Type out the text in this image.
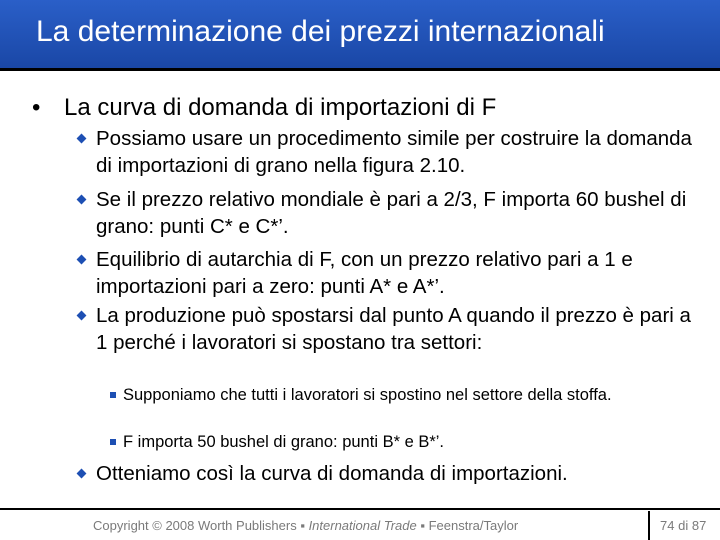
La determinazione dei prezzi internazionali
• La curva di domanda di importazioni di F
Possiamo usare un procedimento simile per costruire la domanda di importazioni di grano nella figura 2.10.
Se il prezzo relativo mondiale è pari a 2/3, F importa 60 bushel di grano: punti C* e C*’.
Equilibrio di autarchia di F, con un prezzo relativo pari a 1 e importazioni pari a zero: punti A* e A*’.
La produzione può spostarsi dal punto A quando il prezzo è pari a 1 perché i lavoratori si spostano tra settori:
Supponiamo che tutti i lavoratori si spostino nel settore della stoffa.
F importa 50 bushel di grano: punti B* e B*’.
Otteniamo così la curva di domanda di importazioni.
Copyright © 2008 Worth Publishers ▪ International Trade ▪ Feenstra/Taylor	74 di 87
